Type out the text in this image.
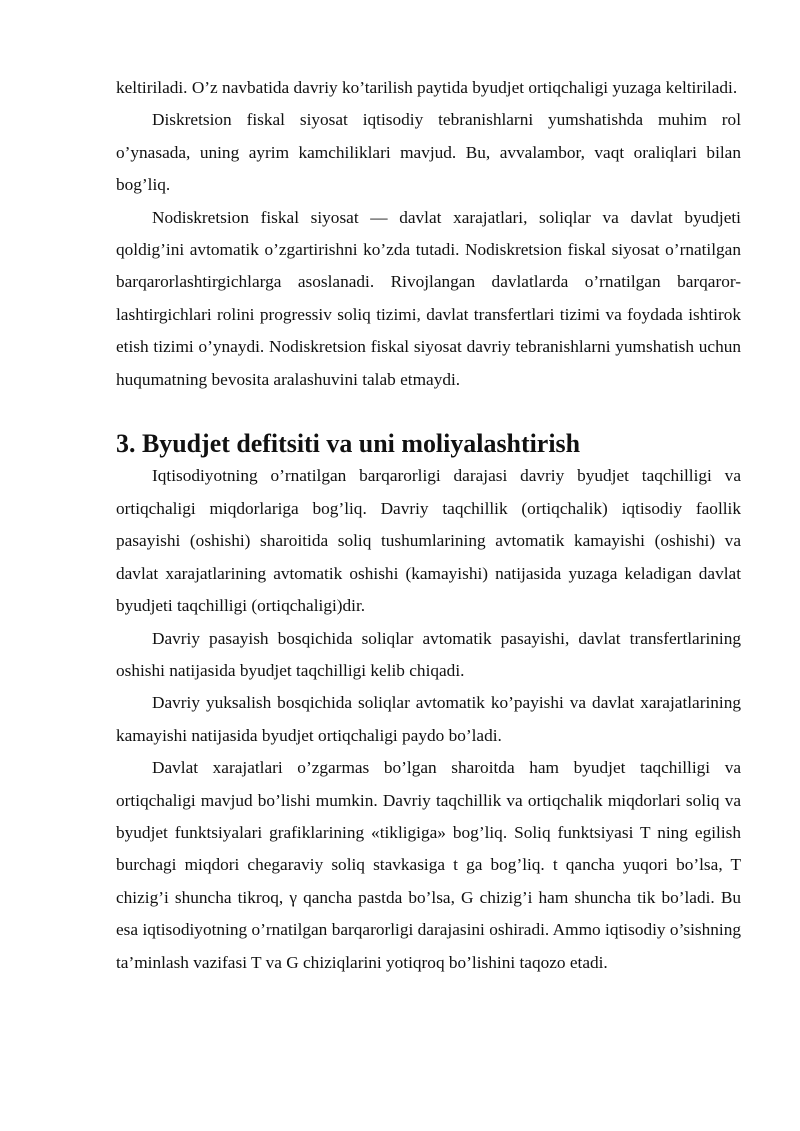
keltiriladi. O’z navbatida davriy ko’tarilish paytida byudjet ortiqchaligi yuzaga keltiriladi.

Diskretsion fiskal siyosat iqtisodiy tebranishlarni yumshatishda muhim rol o’ynasada, uning ayrim kamchiliklari mavjud. Bu, avvalambor, vaqt oraliqlari bilan bog’liq.

Nodiskretsion fiskal siyosat — davlat xarajatlari, soliqlar va davlat byudjeti qoldig’ini avtomatik o’zgartirishni ko’zda tutadi. Nodiskretsion fiskal siyosat o’rnatilgan barqarorlashtirgichlarga asoslanadi. Rivojlangan davlatlarda o’rnatilgan barqaror-lashtirgichlari rolini progressiv soliq tizimi, davlat transfertlari tizimi va foydada ishtirok etish tizimi o’ynaydi. Nodiskretsion fiskal siyosat davriy tebranishlarni yumshatish uchun huqumatning bevosita aralashuvini talab etmaydi.

3. Byudjet defitsiti va uni moliyalashtirish

Iqtisodiyotning o’rnatilgan barqarorligi darajasi davriy byudjet taqchilligi va ortiqchaligi miqdorlariga bog’liq. Davriy taqchillik (ortiqchalik) iqtisodiy faollik pasayishi (oshishi) sharoitida soliq tushumlarining avtomatik kamayishi (oshishi) va davlat xarajatlarining avtomatik oshishi (kamayishi) natijasida yuzaga keladigan davlat byudjeti taqchilligi (ortiqchaligi)dir.

Davriy pasayish bosqichida soliqlar avtomatik pasayishi, davlat transfertlarining oshishi natijasida byudjet taqchilligi kelib chiqadi.

Davriy yuksalish bosqichida soliqlar avtomatik ko’payishi va davlat xarajatlarining kamayishi natijasida byudjet ortiqchaligi paydo bo’ladi.

Davlat xarajatlari o’zgarmas bo’lgan sharoitda ham byudjet taqchilligi va ortiqchaligi mavjud bo’lishi mumkin. Davriy taqchillik va ortiqchalik miqdorlari soliq va byudjet funktsiyalari grafiklarining «tikligiga» bog’liq. Soliq funktsiyasi T ning egilish burchagi miqdori chegaraviy soliq stavkasiga t ga bog’liq. t qancha yuqori bo’lsa, T chizig’i shuncha tikroq, γ qancha pastda bo’lsa, G chizig’i ham shuncha tik bo’ladi. Bu esa iqtisodiyotning o’rnatilgan barqarorligi darajasini oshiradi. Ammo iqtisodiy o’sishning ta’minlash vazifasi T va G chiziqlarini yotiqroq bo’lishini taqozo etadi.
